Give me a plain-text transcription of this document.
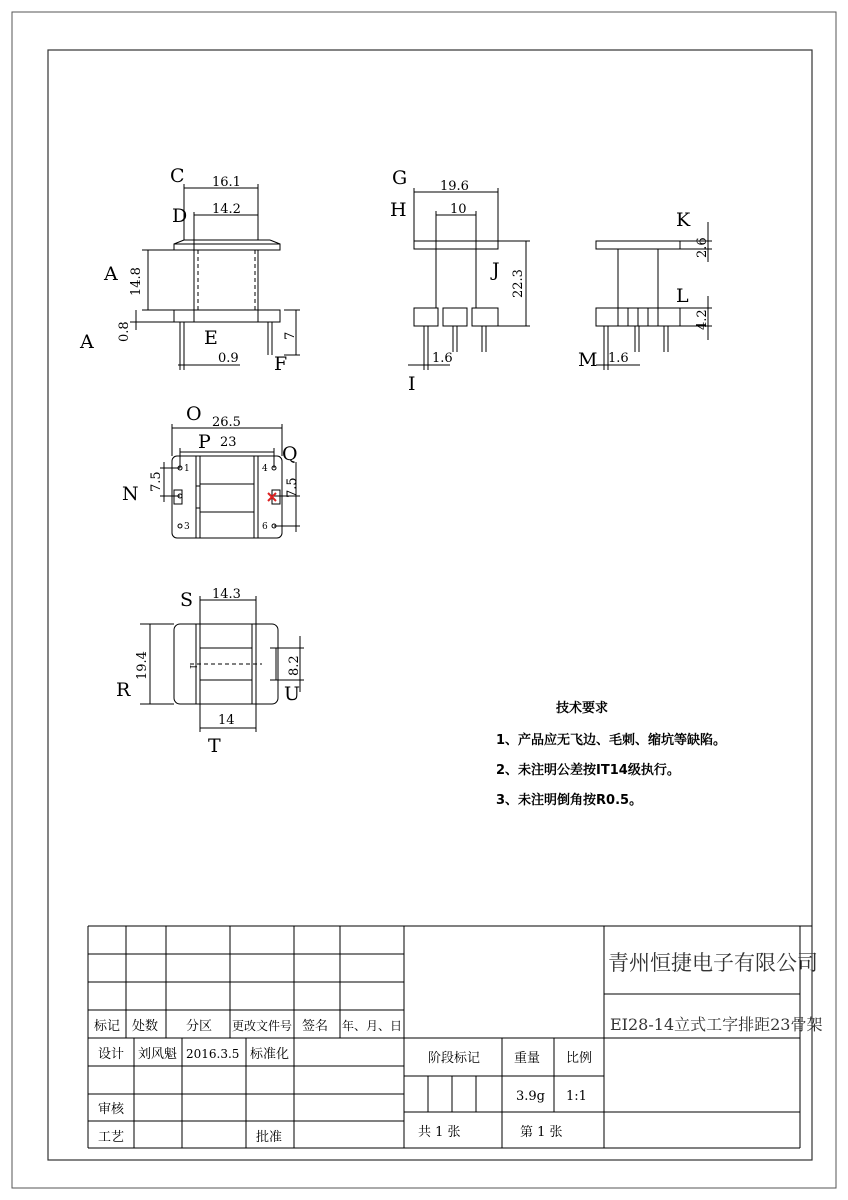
C 16.1
D 14.2
A 14.8
A 0.8	E
0.9
7
F
G	19.6
H	10
J 22.3
1.6
I
K
2.6
L
4.2
M 1.6
O 26.5
P 23
N
7.5
Q
7.5
1
3
4
6
S 14.3
R
19.4
U
8.2
14
T
1
技术要求
1、产品应无飞边、毛刺、缩坑等缺陷。
2、未注明公差按IT14级执行。
3、未注明倒角按R0.5。
青州恒捷电子有限公司
EI28-14立式工字排距23骨架
标记 处数 分区 更改文件号 签名 年、月、日
设计 刘风魁 2016.3.5 标准化
审核
工艺	批准
阶段标记	重量 比例
3.9g 1:1
共 1 张	第 1 张
